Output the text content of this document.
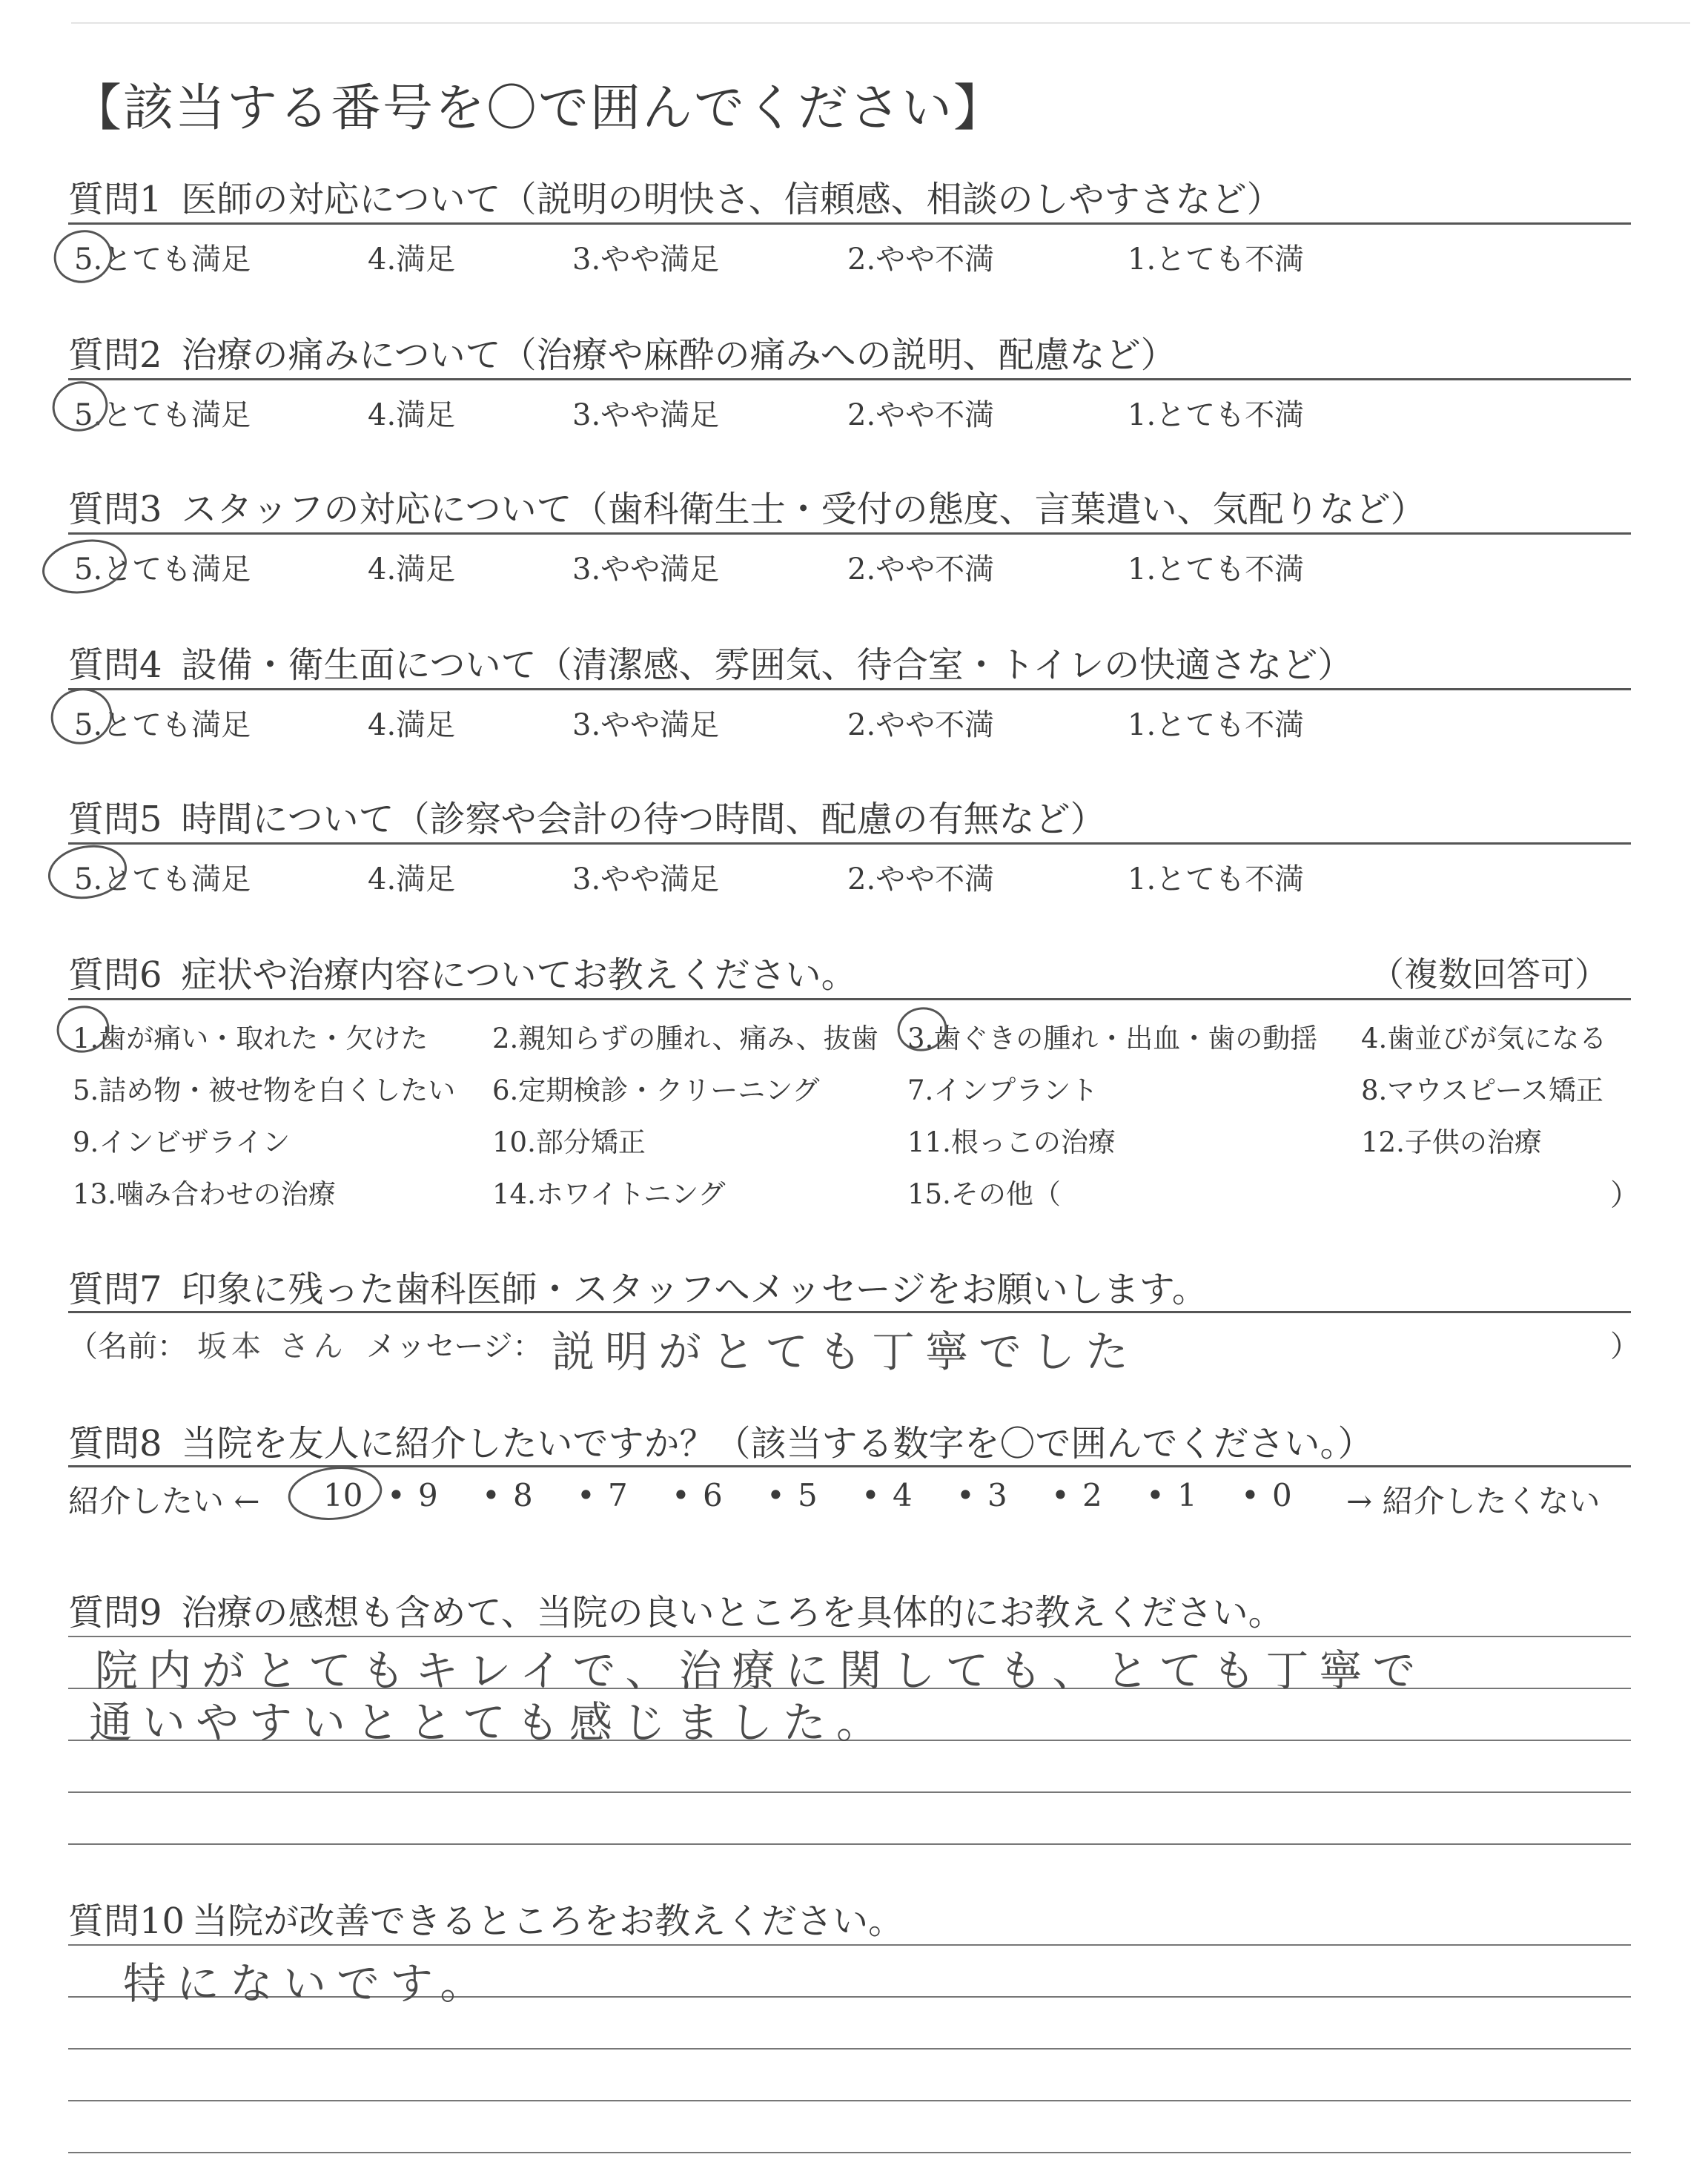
【該当する番号を〇で囲んでください】
質問1 医師の対応について（説明の明快さ、信頼感、相談のしやすさなど）
5.とても満足	4.満足	3.やや満足	2.やや不満	1.とても不満
質問2 治療の痛みについて（治療や麻酔の痛みへの説明、配慮など）
5.とても満足	4.満足	3.やや満足	2.やや不満	1.とても不満
質問3 スタッフの対応について（歯科衛生士・受付の態度、言葉遣い、気配りなど）
5.とても満足	4.満足	3.やや満足	2.やや不満	1.とても不満
質問4 設備・衛生面について（清潔感、雰囲気、待合室・トイレの快適さなど）
5.とても満足	4.満足	3.やや満足	2.やや不満	1.とても不満
質問5 時間について（診察や会計の待つ時間、配慮の有無など）
5.とても満足	4.満足	3.やや満足	2.やや不満	1.とても不満
質問6 症状や治療内容についてお教えください。	（複数回答可）
1.歯が痛い・取れた・欠けた 2.親知らずの腫れ、痛み、抜歯 3.歯ぐきの腫れ・出血・歯の動揺 4.歯並びが気になる
5.詰め物・被せ物を白くしたい 6.定期検診・クリーニング	7.インプラント	8.マウスピース矯正
9.インビザライン	10.部分矯正	11.根っこの治療	12.子供の治療
13.噛み合わせの治療	14.ホワイトニング	15.その他（	）
質問7 印象に残った歯科医師・スタッフへメッセージをお願いします。
（名前： 坂本 さん メッセージ： 説明がとても丁寧でした	）
質問8 当院を友人に紹介したいですか？（該当する数字を〇で囲んでください。）
紹介したい ← 10 • 9 • 8 • 7 • 6 • 5 • 4 • 3 • 2 • 1 • 0 → 紹介したくない
質問9 治療の感想も含めて、当院の良いところを具体的にお教えください。
院内がとてもキレイで、治療に関しても、とても丁寧で
通いやすいととても感じました。
質問10 当院が改善できるところをお教えください。
特にないです。
